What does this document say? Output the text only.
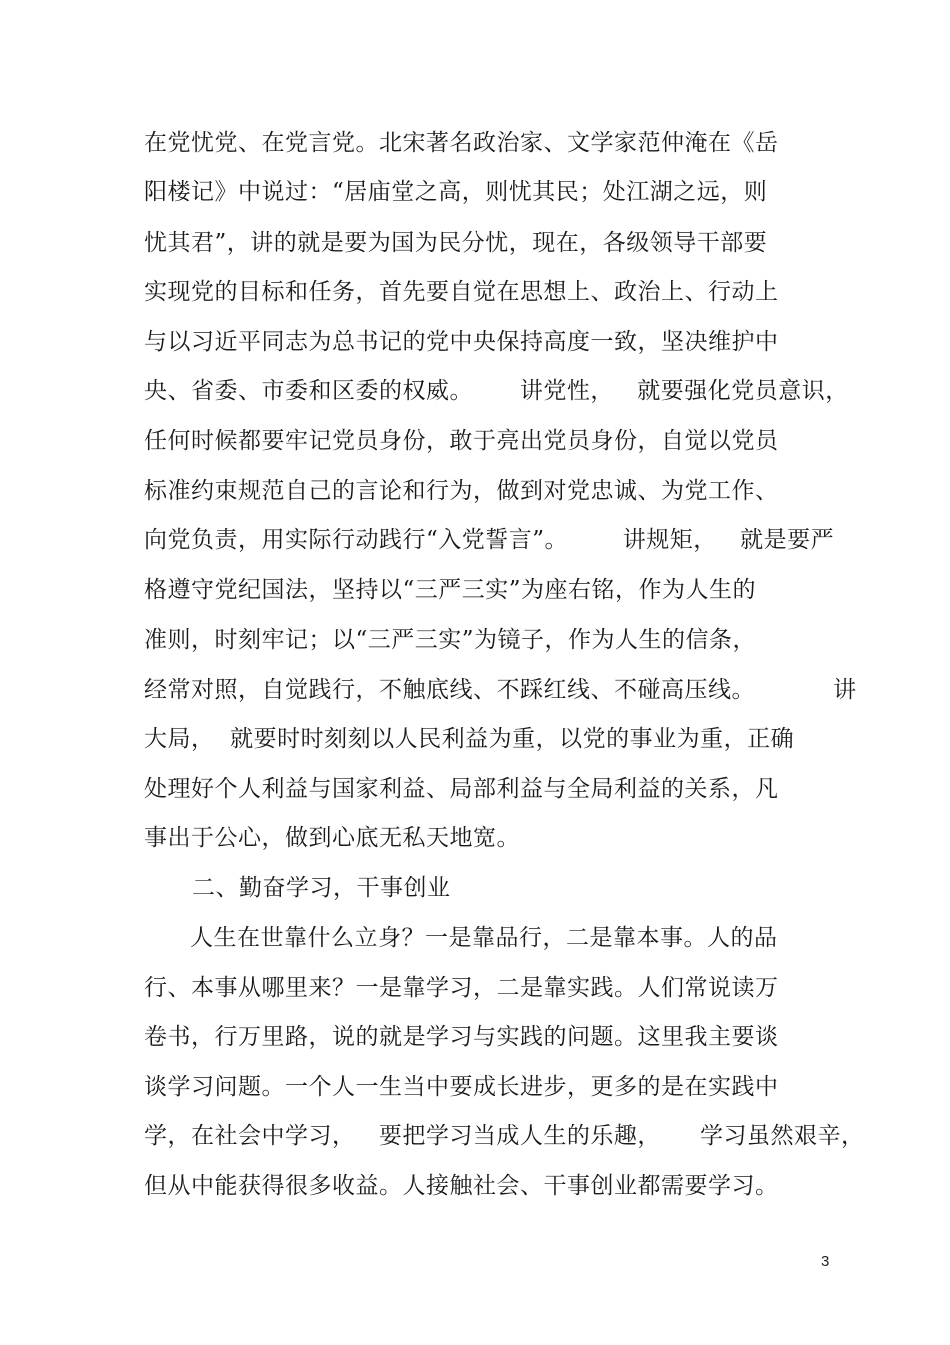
在党忧党、在党言党。北宋著名政治家、文学家范仲淹在《岳
阳楼记》中说过：“居庙堂之高，则忧其民；处江湖之远，则
忧其君”，讲的就是要为国为民分忧，现在，各级领导干部要
实现党的目标和任务，首先要自觉在思想上、政治上、行动上
与以习近平同志为总书记的党中央保持高度一致，坚决维护中
央、省委、市委和区委的权威。      讲党性，   就要强化党员意识，
任何时候都要牢记党员身份，敢于亮出党员身份，自觉以党员
标准约束规范自己的言论和行为，做到对党忠诚、为党工作、
向党负责，用实际行动践行“入党誓言”。       讲规矩，   就是要严
格遵守党纪国法，坚持以“三严三实”为座右铭，作为人生的
准则，时刻牢记；以“三严三实”为镜子，作为人生的信条，
经常对照，自觉践行，不触底线、不踩红线、不碰高压线。          讲
大局，  就要时时刻刻以人民利益为重，以党的事业为重，正确
处理好个人利益与国家利益、局部利益与全局利益的关系，凡
事出于公心，做到心底无私天地宽。
二、勤奋学习，干事创业
人生在世靠什么立身？一是靠品行，二是靠本事。人的品
行、本事从哪里来？一是靠学习，二是靠实践。人们常说读万
卷书，行万里路，说的就是学习与实践的问题。这里我主要谈
谈学习问题。一个人一生当中要成长进步，更多的是在实践中
学，在社会中学习，   要把学习当成人生的乐趣，     学习虽然艰辛，
但从中能获得很多收益。人接触社会、干事创业都需要学习。
3
